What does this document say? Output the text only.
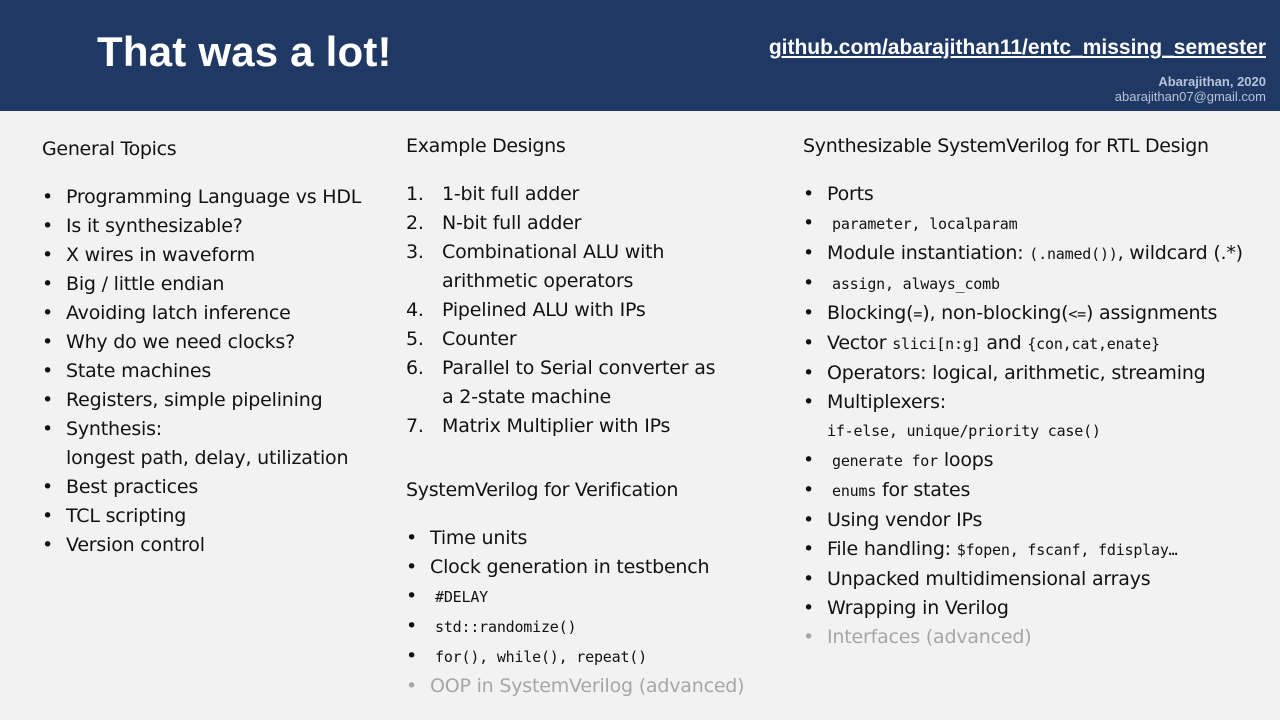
That was a lot!	github.com/abarajithan11/entc_missing_semester
Abarajithan, 2020
abarajithan07@gmail.com
General Topics
• Programming Language vs HDL
• Is it synthesizable?
• X wires in waveform
• Big / little endian
• Avoiding latch inference
• Why do we need clocks?
• State machines
• Registers, simple pipelining
• Synthesis:
longest path, delay, utilization
• Best practices
• TCL scripting
• Version control
Example Designs
1. 1-bit full adder
2. N-bit full adder
3. Combinational ALU with
arithmetic operators
4. Pipelined ALU with IPs
5. Counter
6. Parallel to Serial converter as
a 2-state machine
7. Matrix Multiplier with IPs
SystemVerilog for Verification
• Time units
• Clock generation in testbench
• #DELAY
• std::randomize()
• for(), while(), repeat()
• OOP in SystemVerilog (advanced)
Synthesizable SystemVerilog for RTL Design
• Ports
• parameter, localparam
• Module instantiation: (.named()), wildcard (.*)
• assign, always_comb
• Blocking(=), non-blocking(<=) assignments
• Vector slici[n:g] and {con,cat,enate}
• Operators: logical, arithmetic, streaming
• Multiplexers:
if-else, unique/priority case()
• generate for loops
• enums for states
• Using vendor IPs
• File handling: $fopen, fscanf, fdisplay…
• Unpacked multidimensional arrays
• Wrapping in Verilog
• Interfaces (advanced)
